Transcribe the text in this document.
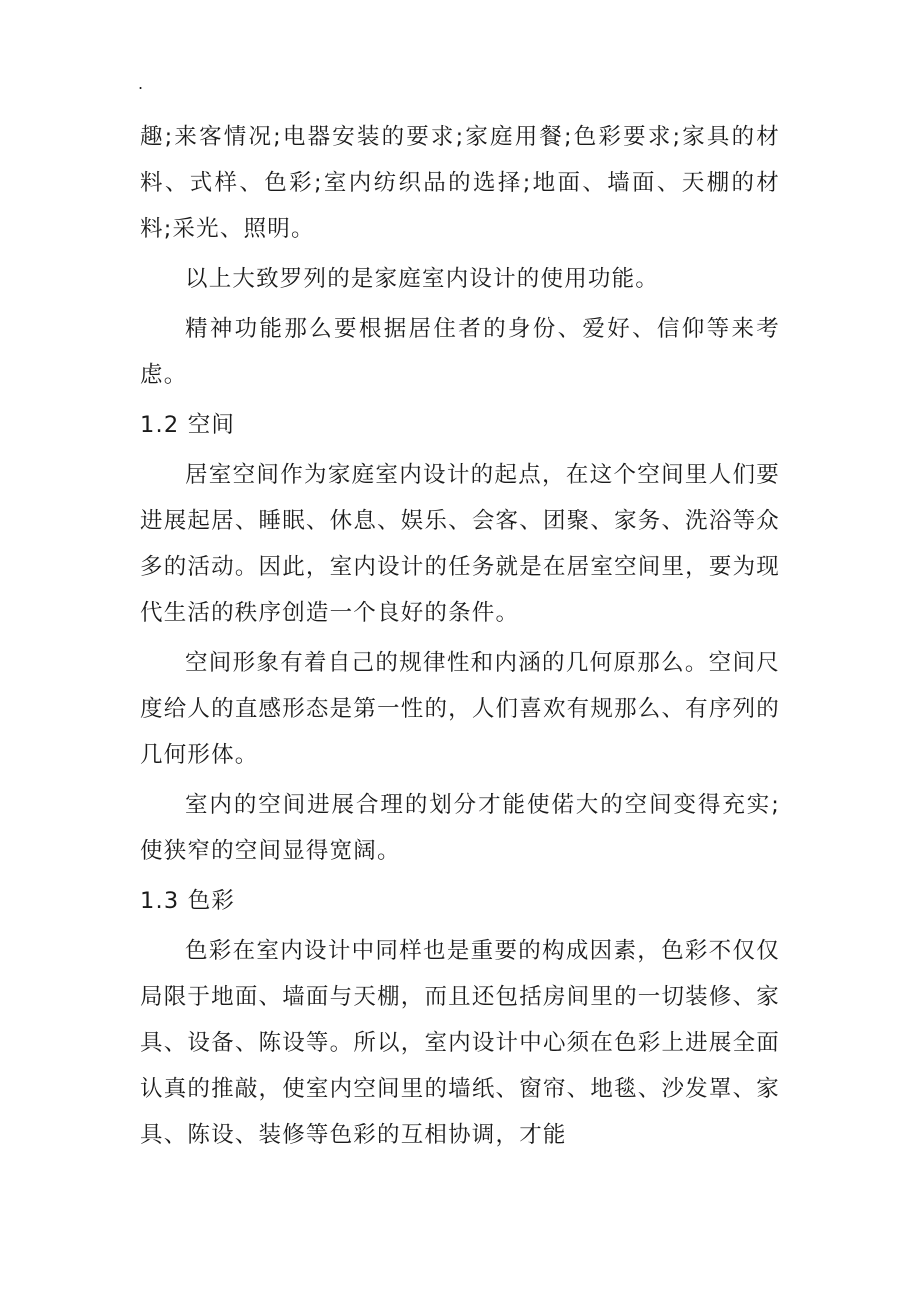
.

趣;来客情况;电器安装的要求;家庭用餐;色彩要求;家具的材料、式样、色彩;室内纺织品的选择;地面、墙面、天棚的材料;采光、照明。

以上大致罗列的是家庭室内设计的使用功能。

精神功能那么要根据居住者的身份、爱好、信仰等来考虑。

1.2 空间

居室空间作为家庭室内设计的起点，在这个空间里人们要进展起居、睡眠、休息、娱乐、会客、团聚、家务、洗浴等众多的活动。因此，室内设计的任务就是在居室空间里，要为现代生活的秩序创造一个良好的条件。

空间形象有着自己的规律性和内涵的几何原那么。空间尺度给人的直感形态是第一性的，人们喜欢有规那么、有序列的几何形体。

室内的空间进展合理的划分才能使偌大的空间变得充实;使狭窄的空间显得宽阔。

1.3 色彩

色彩在室内设计中同样也是重要的构成因素，色彩不仅仅局限于地面、墙面与天棚，而且还包括房间里的一切装修、家具、设备、陈设等。所以，室内设计中心须在色彩上进展全面认真的推敲，使室内空间里的墙纸、窗帘、地毯、沙发罩、家具、陈设、装修等色彩的互相协调，才能
